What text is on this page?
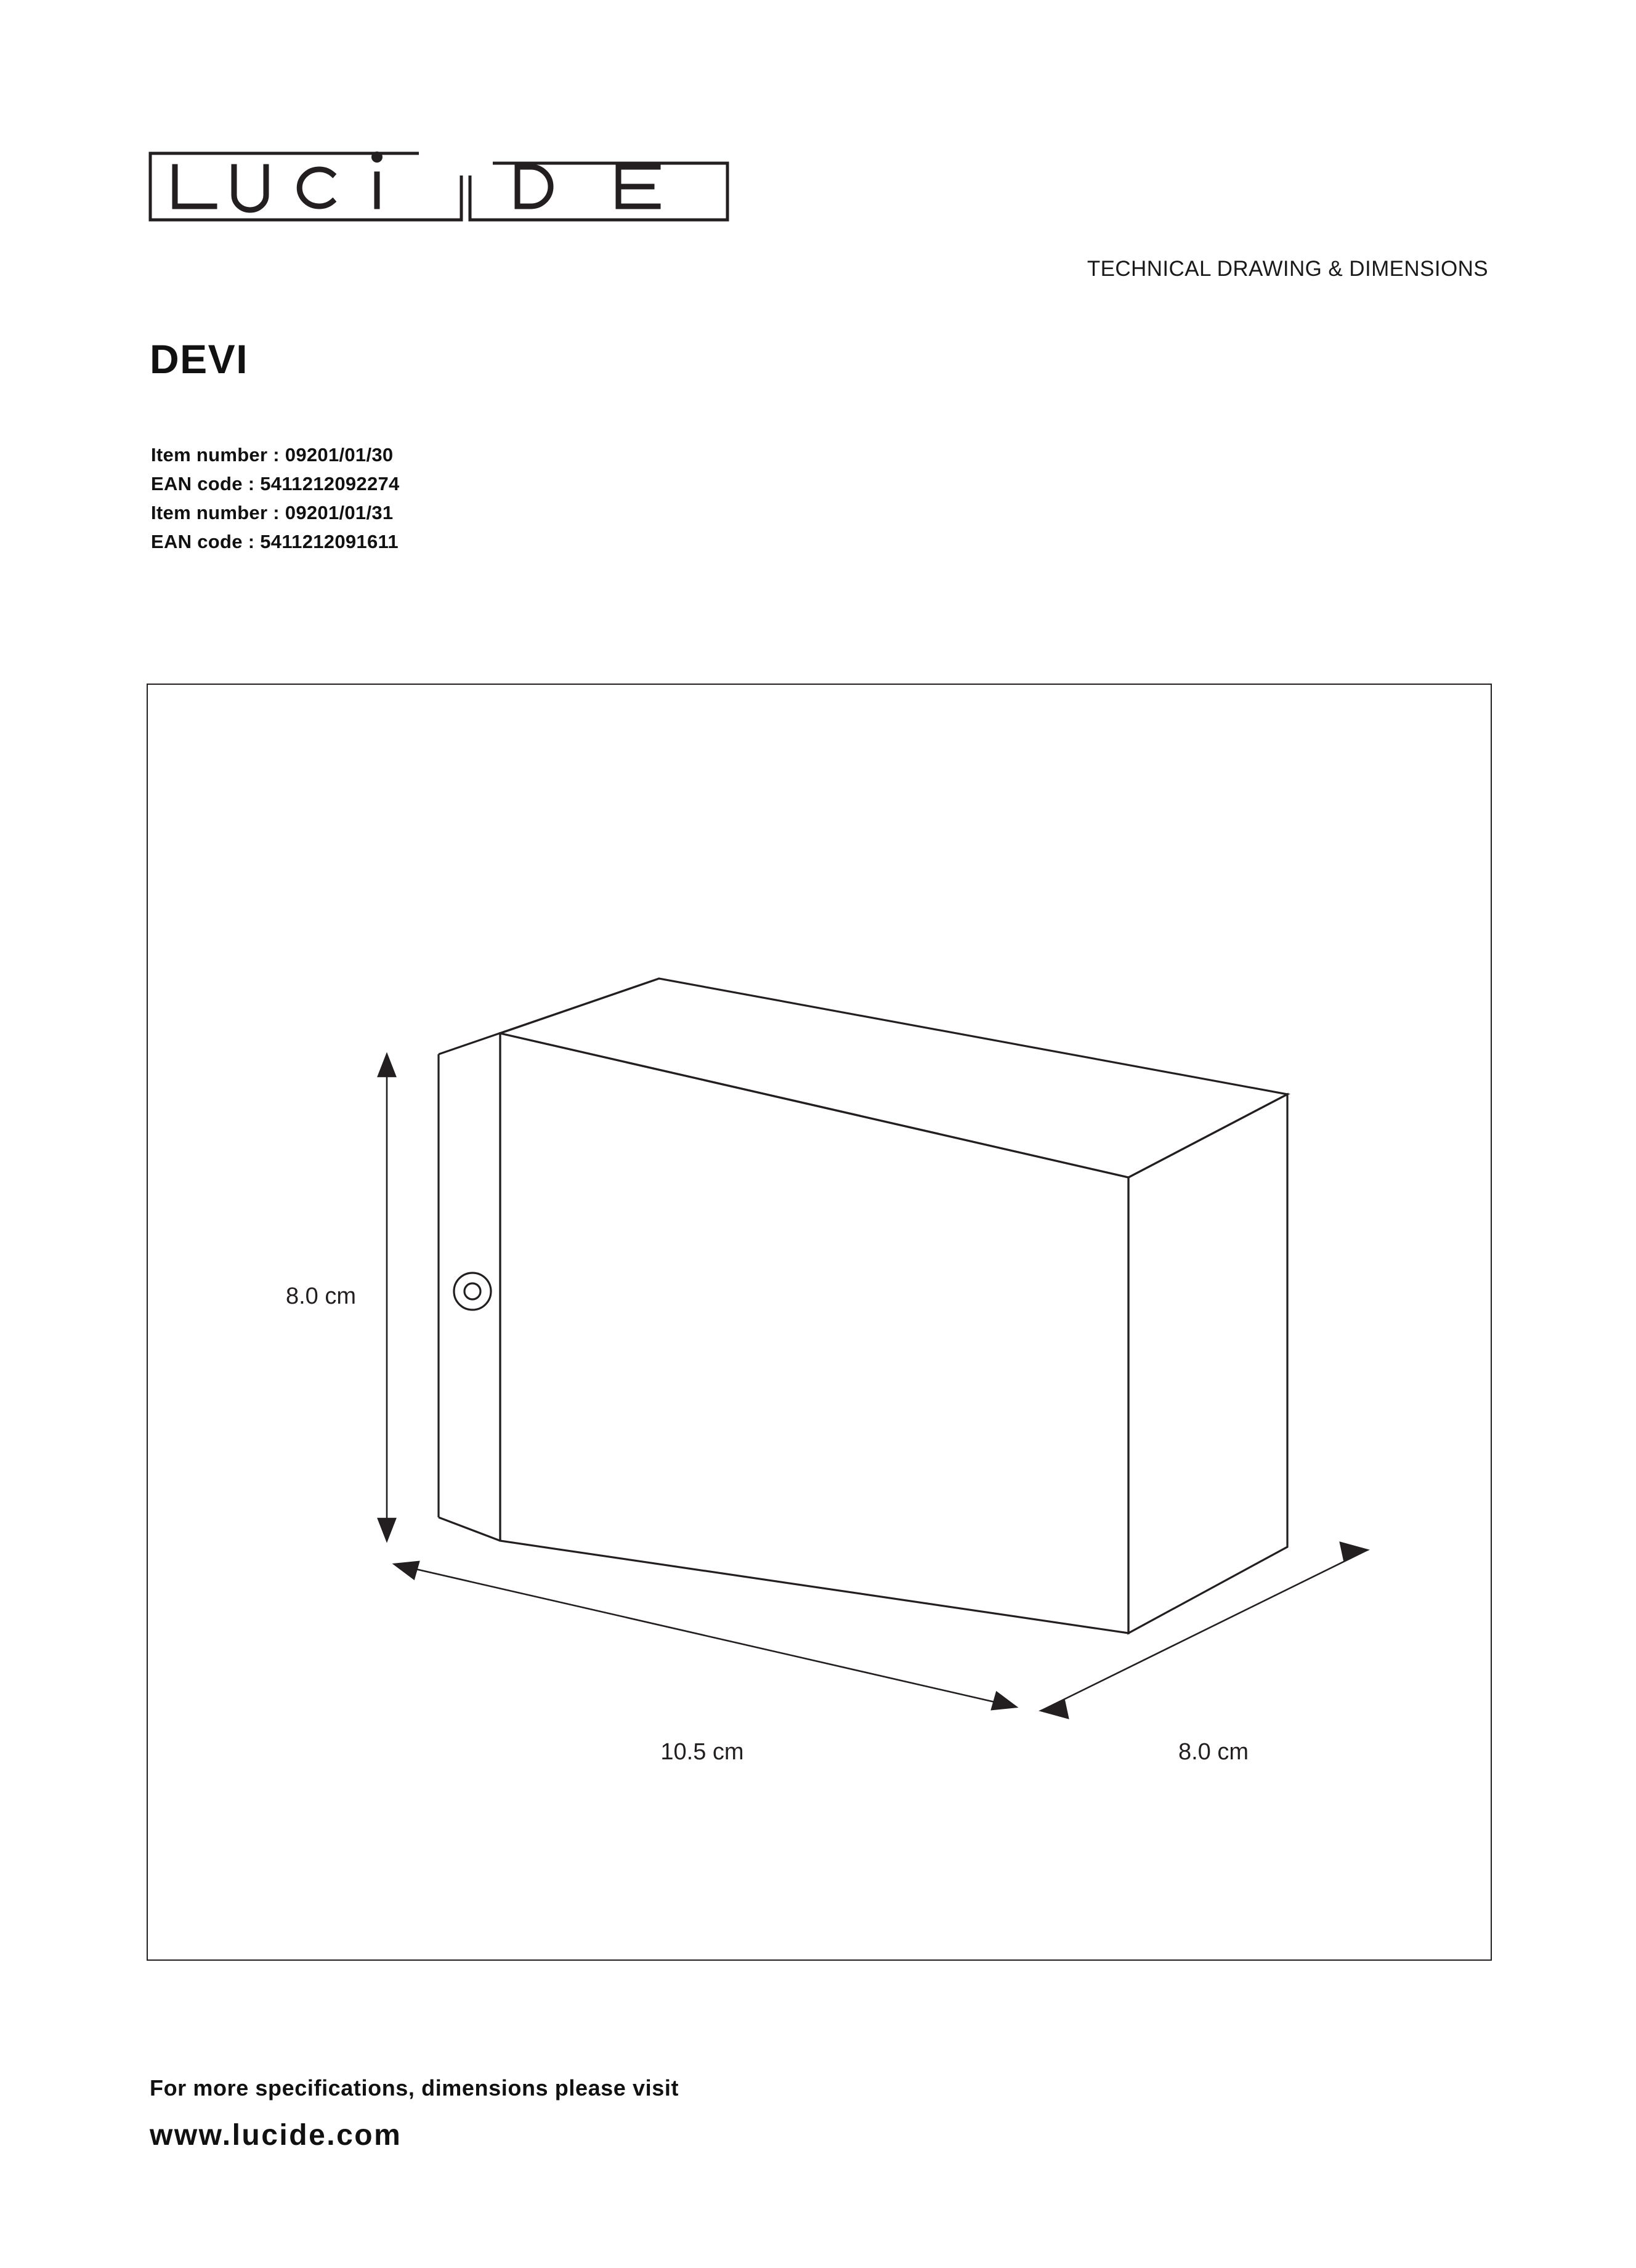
TECHNICAL DRAWING & DIMENSIONS
DEVI
Item number : 09201/01/30
EAN code : 5411212092274
Item number : 09201/01/31
EAN code : 5411212091611
8.0 cm
10.5 cm	8.0 cm
For more specifications, dimensions please visit
www.lucide.com
